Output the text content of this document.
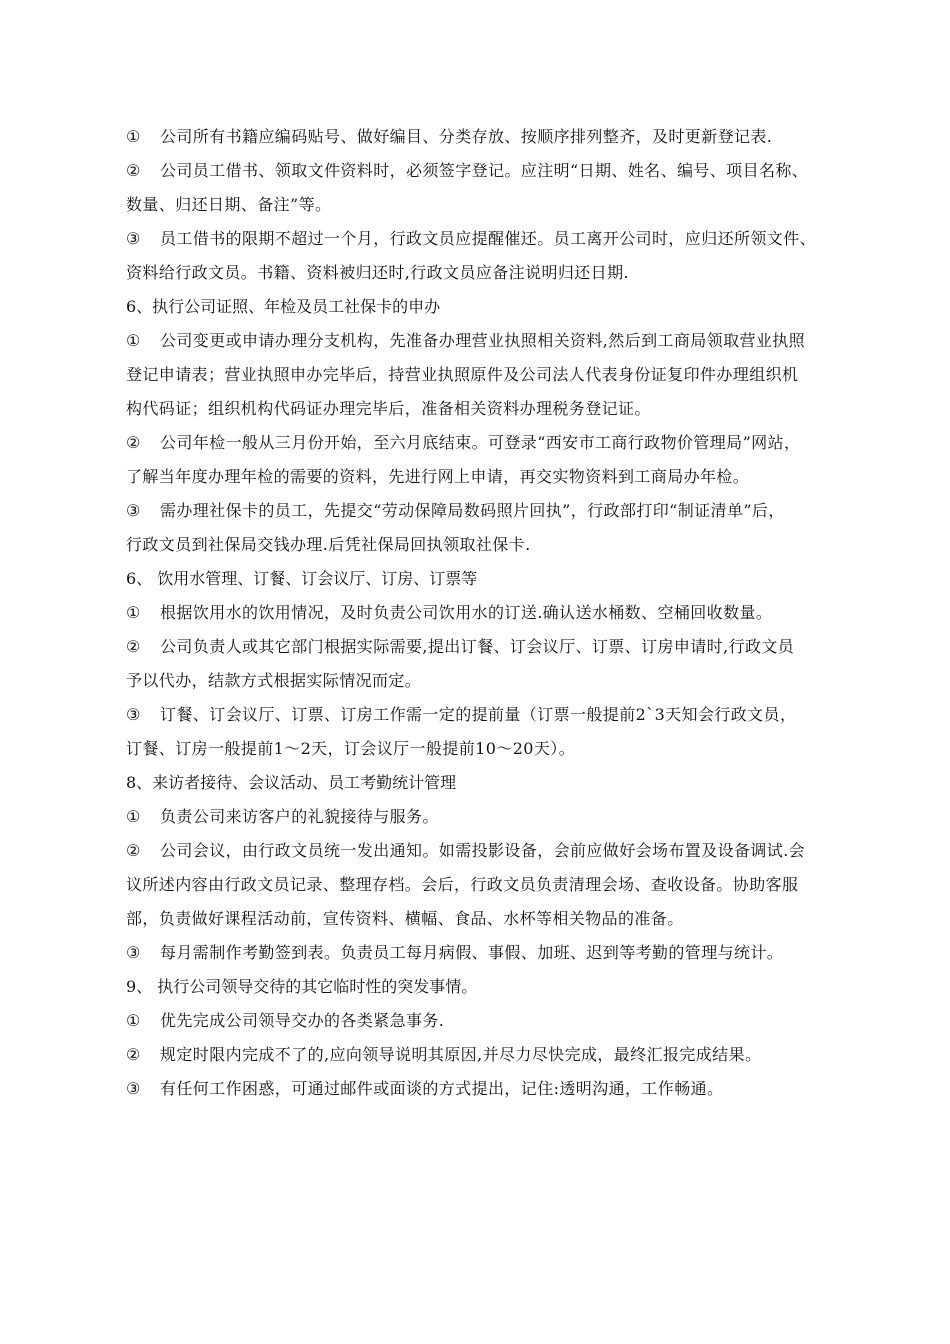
① 公司所有书籍应编码贴号、做好编目、分类存放、按顺序排列整齐，及时更新登记表.
② 公司员工借书、领取文件资料时，必须签字登记。应注明“日期、姓名、编号、项目名称、
数量、归还日期、备注”等。
③ 员工借书的限期不超过一个月，行政文员应提醒催还。员工离开公司时，应归还所领文件、
资料给行政文员。书籍、资料被归还时,行政文员应备注说明归还日期.
6、执行公司证照、年检及员工社保卡的申办
① 公司变更或申请办理分支机构，先准备办理营业执照相关资料,然后到工商局领取营业执照
登记申请表；营业执照申办完毕后，持营业执照原件及公司法人代表身份证复印件办理组织机
构代码证；组织机构代码证办理完毕后，准备相关资料办理税务登记证。
② 公司年检一般从三月份开始，至六月底结束。可登录“西安市工商行政物价管理局”网站，
了解当年度办理年检的需要的资料，先进行网上申请，再交实物资料到工商局办年检。
③ 需办理社保卡的员工，先提交“劳动保障局数码照片回执”，行政部打印“制证清单”后，
行政文员到社保局交钱办理.后凭社保局回执领取社保卡.
6、 饮用水管理、订餐、订会议厅、订房、订票等
① 根据饮用水的饮用情况，及时负责公司饮用水的订送.确认送水桶数、空桶回收数量。
② 公司负责人或其它部门根据实际需要,提出订餐、订会议厅、订票、订房申请时,行政文员
予以代办，结款方式根据实际情况而定。
③ 订餐、订会议厅、订票、订房工作需一定的提前量（订票一般提前2`3天知会行政文员，
订餐、订房一般提前1～2天，订会议厅一般提前10～20天）。
8、来访者接待、会议活动、员工考勤统计管理
① 负责公司来访客户的礼貌接待与服务。
② 公司会议，由行政文员统一发出通知。如需投影设备，会前应做好会场布置及设备调试.会
议所述内容由行政文员记录、整理存档。会后，行政文员负责清理会场、查收设备。协助客服
部，负责做好课程活动前，宣传资料、横幅、食品、水杯等相关物品的准备。
③ 每月需制作考勤签到表。负责员工每月病假、事假、加班、迟到等考勤的管理与统计。
9、 执行公司领导交待的其它临时性的突发事情。
① 优先完成公司领导交办的各类紧急事务.
② 规定时限内完成不了的,应向领导说明其原因,并尽力尽快完成，最终汇报完成结果。
③ 有任何工作困惑，可通过邮件或面谈的方式提出，记住:透明沟通，工作畅通。
